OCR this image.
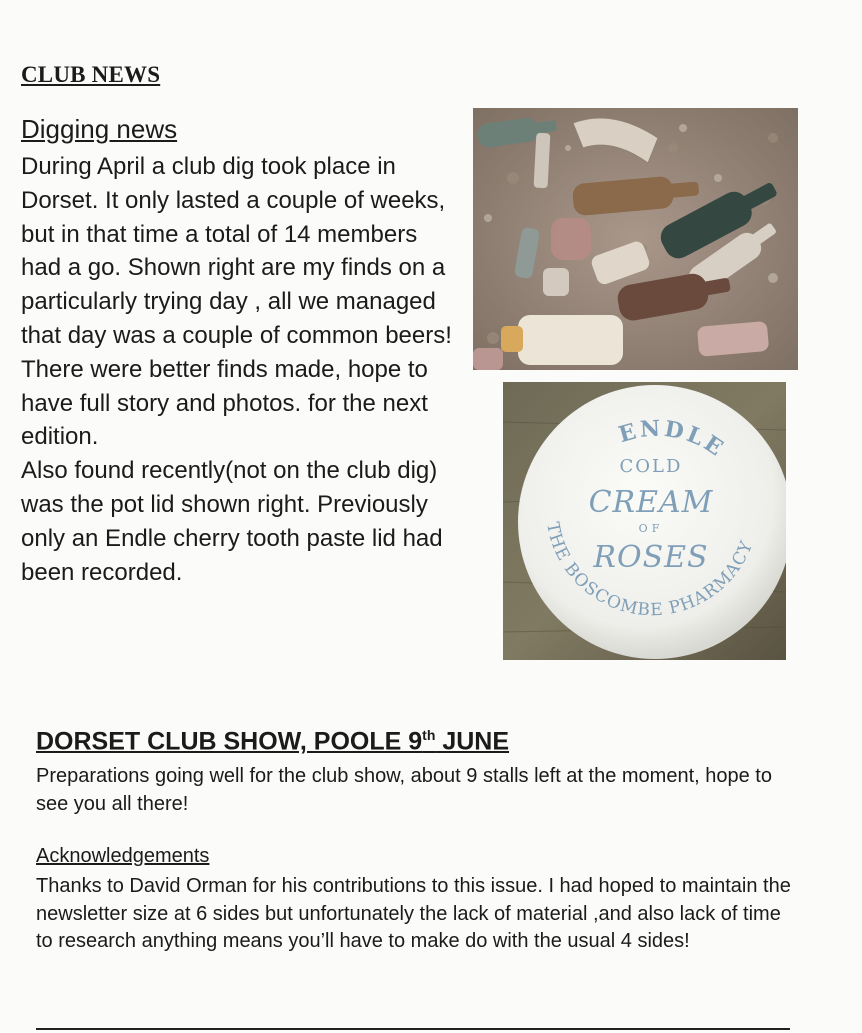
CLUB NEWS
Digging news

During April a club dig took place in Dorset. It only lasted a couple of weeks, but in that time a total of 14 members had a go. Shown right are my finds on a particularly trying day , all we managed that day was a couple of common beers! There were better finds made, hope to have full story and photos. for the next edition.

Also found recently(not on the club dig) was the pot lid shown right. Previously only an Endle cherry tooth paste lid had been recorded.

ENDLE
COLD
CREAM
OF
ROSES
THE BOSCOMBE PHARMACY
DORSET CLUB SHOW, POOLE 9th JUNE

Preparations going well for the club show, about 9 stalls left at the moment, hope to see you all there!

Acknowledgements

Thanks to David Orman for his contributions to this issue. I had hoped to maintain the newsletter size at 6 sides but unfortunately the lack of material ,and also lack of time to research anything means you’ll have to make do with the usual 4 sides!
